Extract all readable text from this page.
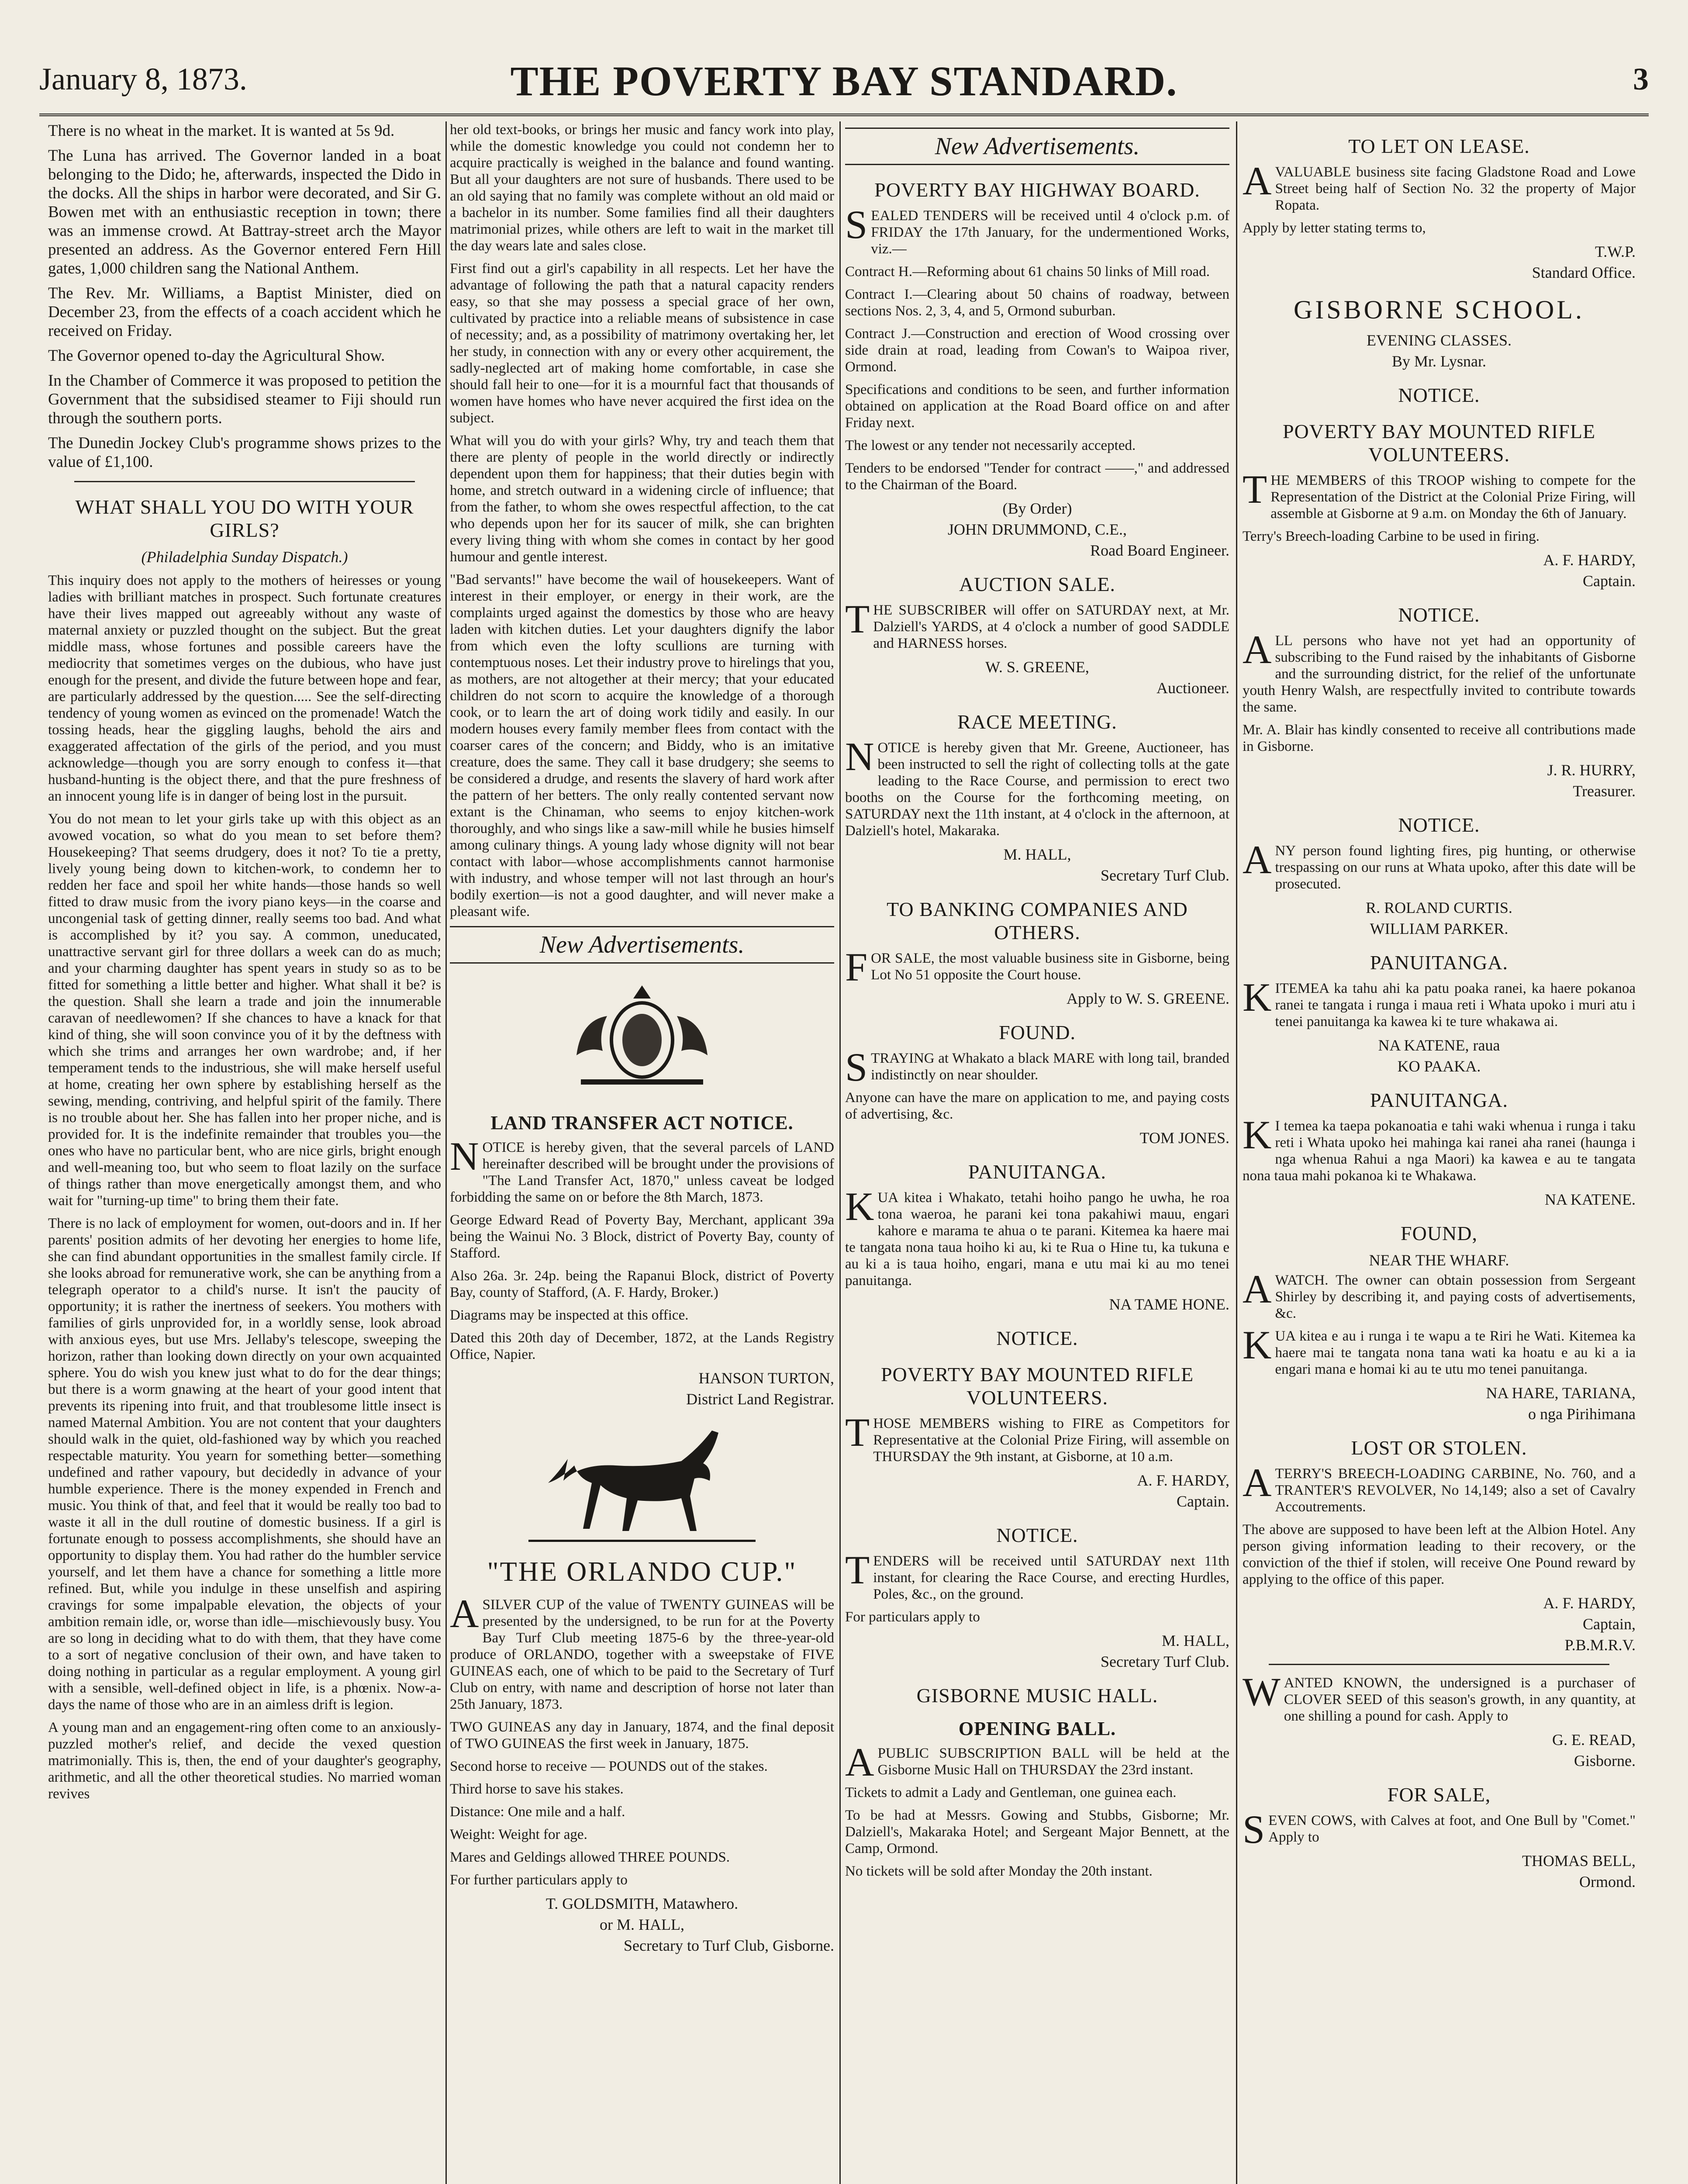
January 8, 1873.	THE POVERTY BAY STANDARD.	3

There is no wheat in the market. It is wanted at 5s 9d.

The Luna has arrived. The Governor landed in a boat belonging to the Dido; he, afterwards, inspected the Dido in the docks. All the ships in harbor were decorated, and Sir G. Bowen met with an enthusiastic reception in town; there was an immense crowd. At Battray-street arch the Mayor presented an address. As the Governor entered Fern Hill gates, 1,000 children sang the National Anthem.

The Rev. Mr. Williams, a Baptist Minister, died on December 23, from the effects of a coach accident which he received on Friday.

The Governor opened to-day the Agricultural Show.

In the Chamber of Commerce it was proposed to petition the Government that the subsidised steamer to Fiji should run through the southern ports.

The Dunedin Jockey Club's programme shows prizes to the value of £1,100.

WHAT SHALL YOU DO WITH YOUR GIRLS?
(Philadelphia Sunday Dispatch.)

This inquiry does not apply to the mothers of heiresses or young ladies with brilliant matches in prospect. Such fortunate creatures have their lives mapped out agreeably without any waste of maternal anxiety or puzzled thought on the subject. But the great middle mass, whose fortunes and possible careers have the mediocrity that sometimes verges on the dubious, who have just enough for the present, and divide the future between hope and fear, are particularly addressed by the question..... See the self-directing tendency of young women as evinced on the promenade! Watch the tossing heads, hear the giggling laughs, behold the airs and exaggerated affectation of the girls of the period, and you must acknowledge—though you are sorry enough to confess it—that husband-hunting is the object there, and that the pure freshness of an innocent young life is in danger of being lost in the pursuit.

You do not mean to let your girls take up with this object as an avowed vocation, so what do you mean to set before them? Housekeeping? That seems drudgery, does it not? To tie a pretty, lively young being down to kitchen-work, to condemn her to redden her face and spoil her white hands—those hands so well fitted to draw music from the ivory piano keys—in the coarse and uncongenial task of getting dinner, really seems too bad. And what is accomplished by it? you say. A common, uneducated, unattractive servant girl for three dollars a week can do as much; and your charming daughter has spent years in study so as to be fitted for something a little better and higher. What shall it be? is the question. Shall she learn a trade and join the innumerable caravan of needlewomen? If she chances to have a knack for that kind of thing, she will soon convince you of it by the deftness with which she trims and arranges her own wardrobe; and, if her temperament tends to the industrious, she will make herself useful at home, creating her own sphere by establishing herself as the sewing, mending, contriving, and helpful spirit of the family. There is no trouble about her. She has fallen into her proper niche, and is provided for. It is the indefinite remainder that troubles you—the ones who have no particular bent, who are nice girls, bright enough and well-meaning too, but who seem to float lazily on the surface of things rather than move energetically amongst them, and who wait for "turning-up time" to bring them their fate.

There is no lack of employment for women, out-doors and in. If her parents' position admits of her devoting her energies to home life, she can find abundant opportunities in the smallest family circle. If she looks abroad for remunerative work, she can be anything from a telegraph operator to a child's nurse. It isn't the paucity of opportunity; it is rather the inertness of seekers. You mothers with families of girls unprovided for, in a worldly sense, look abroad with anxious eyes, but use Mrs. Jellaby's telescope, sweeping the horizon, rather than looking down directly on your own acquainted sphere. You do wish you knew just what to do for the dear things; but there is a worm gnawing at the heart of your good intent that prevents its ripening into fruit, and that troublesome little insect is named Maternal Ambition. You are not content that your daughters should walk in the quiet, old-fashioned way by which you reached respectable maturity. You yearn for something better—something undefined and rather vapoury, but decidedly in advance of your humble experience. There is the money expended in French and music. You think of that, and feel that it would be really too bad to waste it all in the dull routine of domestic business. If a girl is fortunate enough to possess accomplishments, she should have an opportunity to display them. You had rather do the humbler service yourself, and let them have a chance for something a little more refined. But, while you indulge in these unselfish and aspiring cravings for some impalpable elevation, the objects of your ambition remain idle, or, worse than idle—mischievously busy. You are so long in deciding what to do with them, that they have come to a sort of negative conclusion of their own, and have taken to doing nothing in particular as a regular employment. A young girl with a sensible, well-defined object in life, is a phœnix. Now-a-days the name of those who are in an aimless drift is legion.

A young man and an engagement-ring often come to an anxiously-puzzled mother's relief, and decide the vexed question matrimonially. This is, then, the end of your daughter's geography, arithmetic, and all the other theoretical studies. No married woman revives

her old text-books, or brings her music and fancy work into play, while the domestic knowledge you could not condemn her to acquire practically is weighed in the balance and found wanting. But all your daughters are not sure of husbands. There used to be an old saying that no family was complete without an old maid or a bachelor in its number. Some families find all their daughters matrimonial prizes, while others are left to wait in the market till the day wears late and sales close.

First find out a girl's capability in all respects. Let her have the advantage of following the path that a natural capacity renders easy, so that she may possess a special grace of her own, cultivated by practice into a reliable means of subsistence in case of necessity; and, as a possibility of matrimony overtaking her, let her study, in connection with any or every other acquirement, the sadly-neglected art of making home comfortable, in case she should fall heir to one—for it is a mournful fact that thousands of women have homes who have never acquired the first idea on the subject.

What will you do with your girls? Why, try and teach them that there are plenty of people in the world directly or indirectly dependent upon them for happiness; that their duties begin with home, and stretch outward in a widening circle of influence; that from the father, to whom she owes respectful affection, to the cat who depends upon her for its saucer of milk, she can brighten every living thing with whom she comes in contact by her good humour and gentle interest.

"Bad servants!" have become the wail of housekeepers. Want of interest in their employer, or energy in their work, are the complaints urged against the domestics by those who are heavy laden with kitchen duties. Let your daughters dignify the labor from which even the lofty scullions are turning with contemptuous noses. Let their industry prove to hirelings that you, as mothers, are not altogether at their mercy; that your educated children do not scorn to acquire the knowledge of a thorough cook, or to learn the art of doing work tidily and easily. In our modern houses every family member flees from contact with the coarser cares of the concern; and Biddy, who is an imitative creature, does the same. They call it base drudgery; she seems to be considered a drudge, and resents the slavery of hard work after the pattern of her betters. The only really contented servant now extant is the Chinaman, who seems to enjoy kitchen-work thoroughly, and who sings like a saw-mill while he busies himself among culinary things. A young lady whose dignity will not bear contact with labor—whose accomplishments cannot harmonise with industry, and whose temper will not last through an hour's bodily exertion—is not a good daughter, and will never make a pleasant wife.

New Advertisements.
LAND TRANSFER ACT NOTICE.

NOTICE is hereby given, that the several parcels of LAND hereinafter described will be brought under the provisions of "The Land Transfer Act, 1870," unless caveat be lodged forbidding the same on or before the 8th March, 1873.

George Edward Read of Poverty Bay, Merchant, applicant 39a being the Wainui No. 3 Block, district of Poverty Bay, county of Stafford.

Also 26a. 3r. 24p. being the Rapanui Block, district of Poverty Bay, county of Stafford, (A. F. Hardy, Broker.)

Diagrams may be inspected at this office.

Dated this 20th day of December, 1872, at the Lands Registry Office, Napier.

HANSON TURTON,
District Land Registrar.
"THE ORLANDO CUP."

ASILVER CUP of the value of TWENTY GUINEAS will be presented by the undersigned, to be run for at the Poverty Bay Turf Club meeting 1875-6 by the three-year-old produce of ORLANDO, together with a sweepstake of FIVE GUINEAS each, one of which to be paid to the Secretary of Turf Club on entry, with name and description of horse not later than 25th January, 1873.

TWO GUINEAS any day in January, 1874, and the final deposit of TWO GUINEAS the first week in January, 1875.

Second horse to receive — POUNDS out of the stakes.

Third horse to save his stakes.

Distance: One mile and a half.

Weight: Weight for age.

Mares and Geldings allowed THREE POUNDS.

For further particulars apply to

T. GOLDSMITH, Matawhero.
or M. HALL,
Secretary to Turf Club, Gisborne.
New Advertisements.
POVERTY BAY HIGHWAY BOARD.

SEALED TENDERS will be received until 4 o'clock p.m. of FRIDAY the 17th January, for the undermentioned Works, viz.—

Contract H.—Reforming about 61 chains 50 links of Mill road.

Contract I.—Clearing about 50 chains of roadway, between sections Nos. 2, 3, 4, and 5, Ormond suburban.

Contract J.—Construction and erection of Wood crossing over side drain at road, leading from Cowan's to Waipoa river, Ormond.

Specifications and conditions to be seen, and further information obtained on application at the Road Board office on and after Friday next.

The lowest or any tender not necessarily accepted.

Tenders to be endorsed "Tender for contract ——," and addressed to the Chairman of the Board.

(By Order)
JOHN DRUMMOND, C.E.,
Road Board Engineer.
AUCTION SALE.

THE SUBSCRIBER will offer on SATURDAY next, at Mr. Dalziell's YARDS, at 4 o'clock a number of good SADDLE and HARNESS horses.

W. S. GREENE,
Auctioneer.
RACE MEETING.

NOTICE is hereby given that Mr. Greene, Auctioneer, has been instructed to sell the right of collecting tolls at the gate leading to the Race Course, and permission to erect two booths on the Course for the forthcoming meeting, on SATURDAY next the 11th instant, at 4 o'clock in the afternoon, at Dalziell's hotel, Makaraka.

M. HALL,
Secretary Turf Club.
TO BANKING COMPANIES AND OTHERS.

FOR SALE, the most valuable business site in Gisborne, being Lot No 51 opposite the Court house.

Apply to W. S. GREENE.
FOUND.

STRAYING at Whakato a black MARE with long tail, branded indistinctly on near shoulder.

Anyone can have the mare on application to me, and paying costs of advertising, &c.

TOM JONES.
PANUITANGA.

KUA kitea i Whakato, tetahi hoiho pango he uwha, he roa tona waeroa, he parani kei tona pakahiwi mauu, engari kahore e marama te ahua o te parani. Kitemea ka haere mai te tangata nona taua hoiho ki au, ki te Rua o Hine tu, ka tukuna e au ki a is taua hoiho, engari, mana e utu mai ki au mo tenei panuitanga.

NA TAME HONE.
NOTICE.
POVERTY BAY MOUNTED RIFLE VOLUNTEERS.

THOSE MEMBERS wishing to FIRE as Competitors for Representative at the Colonial Prize Firing, will assemble on THURSDAY the 9th instant, at Gisborne, at 10 a.m.

A. F. HARDY,
Captain.
NOTICE.

TENDERS will be received until SATURDAY next 11th instant, for clearing the Race Course, and erecting Hurdles, Poles, &c., on the ground.

For particulars apply to

M. HALL,
Secretary Turf Club.
GISBORNE MUSIC HALL.
OPENING BALL.

APUBLIC SUBSCRIPTION BALL will be held at the Gisborne Music Hall on THURSDAY the 23rd instant.

Tickets to admit a Lady and Gentleman, one guinea each.

To be had at Messrs. Gowing and Stubbs, Gisborne; Mr. Dalziell's, Makaraka Hotel; and Sergeant Major Bennett, at the Camp, Ormond.

No tickets will be sold after Monday the 20th instant.

TO LET ON LEASE.

AVALUABLE business site facing Gladstone Road and Lowe Street being half of Section No. 32 the property of Major Ropata.

Apply by letter stating terms to,

T.W.P.
Standard Office.
GISBORNE SCHOOL.
EVENING CLASSES.
By Mr. Lysnar.
NOTICE.
POVERTY BAY MOUNTED RIFLE VOLUNTEERS.

THE MEMBERS of this TROOP wishing to compete for the Representation of the District at the Colonial Prize Firing, will assemble at Gisborne at 9 a.m. on Monday the 6th of January.

Terry's Breech-loading Carbine to be used in firing.

A. F. HARDY,
Captain.
NOTICE.

ALL persons who have not yet had an opportunity of subscribing to the Fund raised by the inhabitants of Gisborne and the surrounding district, for the relief of the unfortunate youth Henry Walsh, are respectfully invited to contribute towards the same.

Mr. A. Blair has kindly consented to receive all contributions made in Gisborne.

J. R. HURRY,
Treasurer.
NOTICE.

ANY person found lighting fires, pig hunting, or otherwise trespassing on our runs at Whata upoko, after this date will be prosecuted.

R. ROLAND CURTIS.
WILLIAM PARKER.
PANUITANGA.

KITEMEA ka tahu ahi ka patu poaka ranei, ka haere pokanoa ranei te tangata i runga i maua reti i Whata upoko i muri atu i tenei panuitanga ka kawea ki te ture whakawa ai.

NA KATENE, raua
KO PAAKA.
PANUITANGA.

KI temea ka taepa pokanoatia e tahi waki whenua i runga i taku reti i Whata upoko hei mahinga kai ranei aha ranei (haunga i nga whenua Rahui a nga Maori) ka kawea e au te tangata nona taua mahi pokanoa ki te Whakawa.

NA KATENE.
FOUND,
NEAR THE WHARF.

AWATCH. The owner can obtain possession from Sergeant Shirley by describing it, and paying costs of advertisements, &c.

KUA kitea e au i runga i te wapu a te Riri he Wati. Kitemea ka haere mai te tangata nona tana wati ka hoatu e au ki a ia engari mana e homai ki au te utu mo tenei panuitanga.

NA HARE, TARIANA,
o nga Pirihimana
LOST OR STOLEN.

ATERRY'S BREECH-LOADING CARBINE, No. 760, and a TRANTER'S REVOLVER, No 14,149; also a set of Cavalry Accoutrements.

The above are supposed to have been left at the Albion Hotel. Any person giving information leading to their recovery, or the conviction of the thief if stolen, will receive One Pound reward by applying to the office of this paper.

A. F. HARDY,
Captain,
P.B.M.R.V.

WANTED KNOWN, the undersigned is a purchaser of CLOVER SEED of this season's growth, in any quantity, at one shilling a pound for cash. Apply to

G. E. READ,
Gisborne.
FOR SALE,

SEVEN COWS, with Calves at foot, and One Bull by "Comet." Apply to

THOMAS BELL,
Ormond.
